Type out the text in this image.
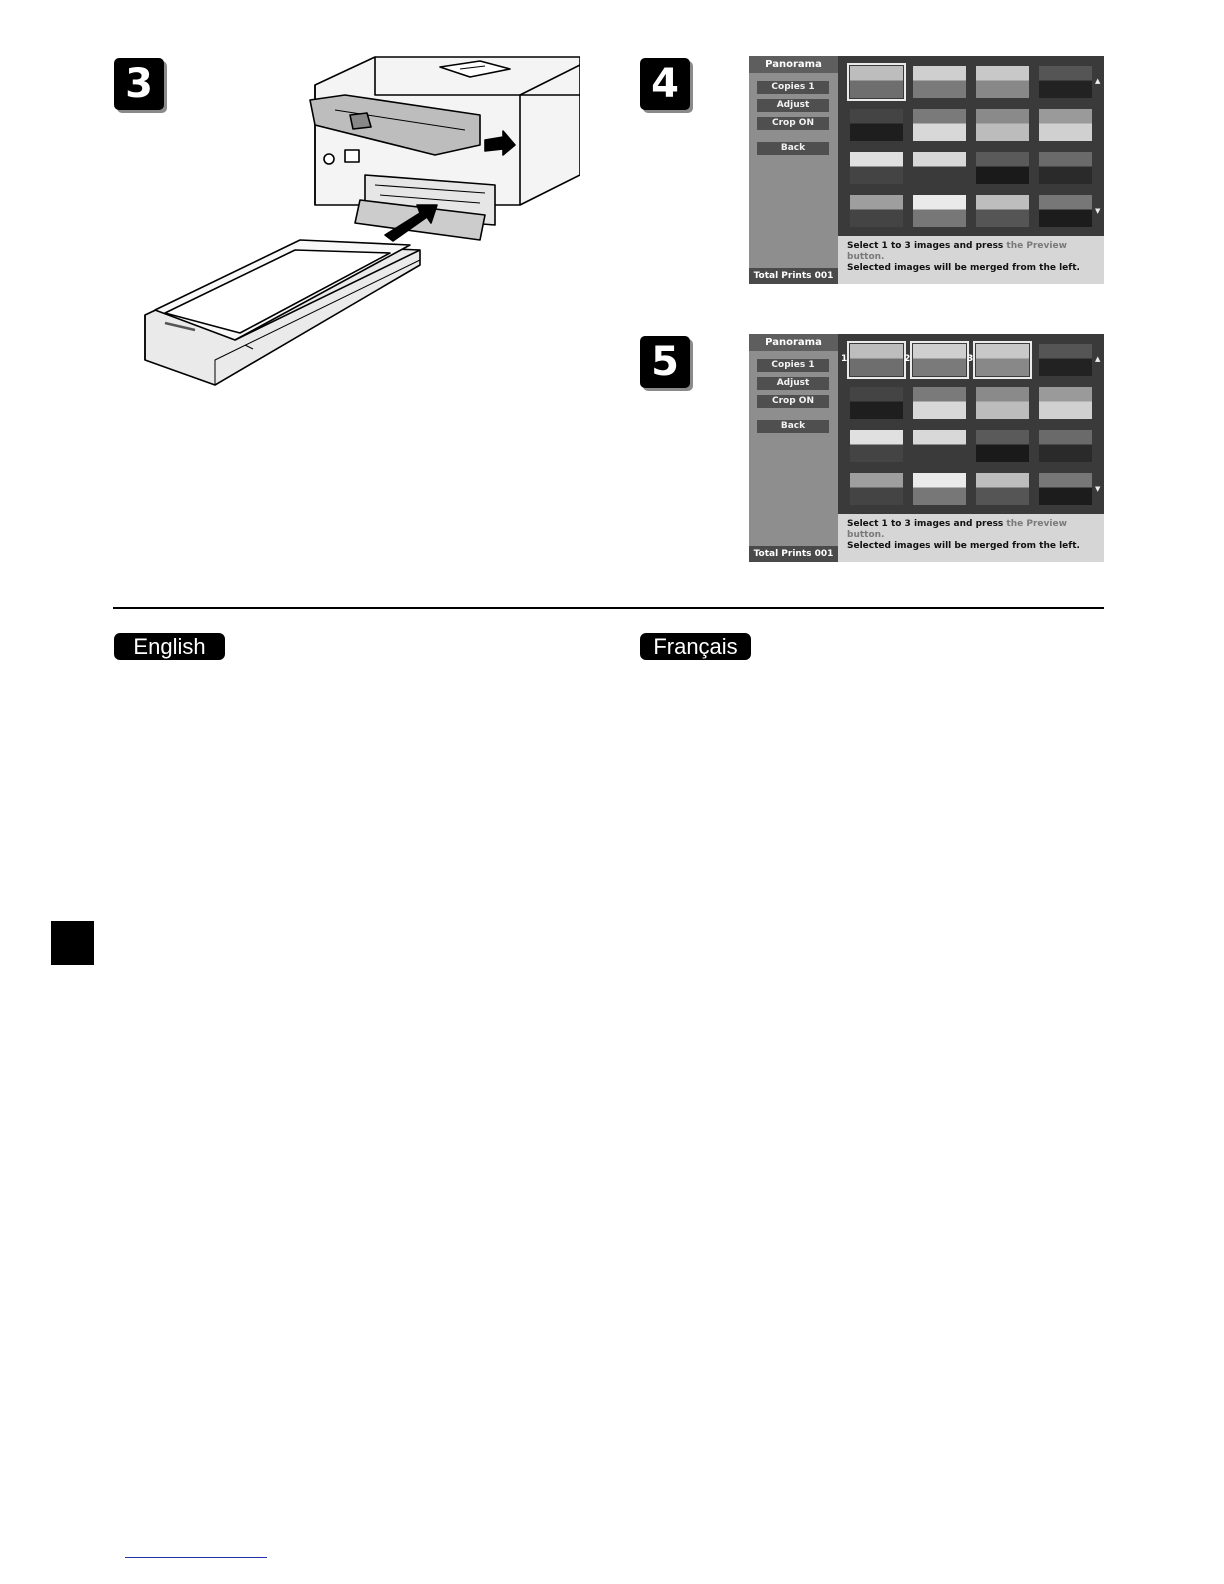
3	4
5
Panorama
Copies 1
Adjust
Crop ON
Back
Total Prints 001
▲
▼
Select 1 to 3 images and press the Preview button.
Selected images will be merged from the left.
Panorama
Copies 1
Adjust
Crop ON
Back
Total Prints 001
1	2	3	▲
▼
Select 1 to 3 images and press the Preview button.
Selected images will be merged from the left.
English	Français
